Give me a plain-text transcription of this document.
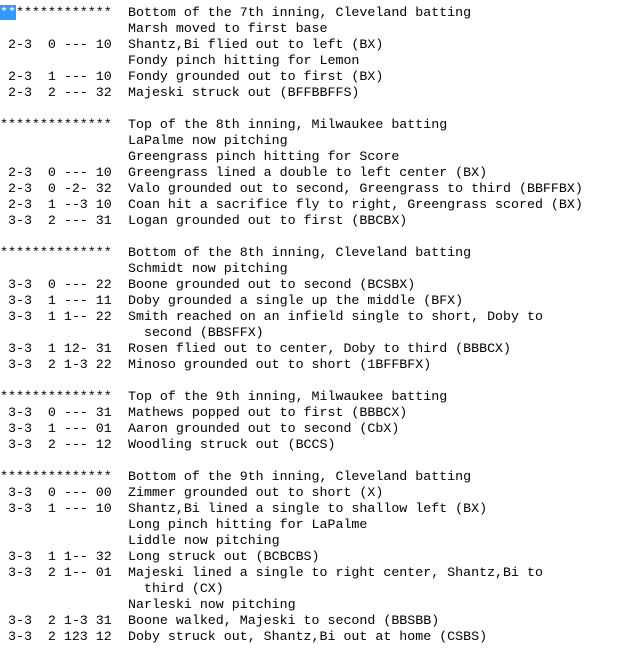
**************	Bottom of the 7th inning, Cleveland batting
Marsh moved to first base
2-3  0 --- 10	Shantz,Bi flied out to left (BX)
Fondy pinch hitting for Lemon
2-3  1 --- 10	Fondy grounded out to first (BX)
2-3  2 --- 32	Majeski struck out (BFFBBFFS)
**************	Top of the 8th inning, Milwaukee batting
LaPalme now pitching
Greengrass pinch hitting for Score
2-3  0 --- 10	Greengrass lined a double to left center (BX)
2-3  0 -2- 32	Valo grounded out to second, Greengrass to third (BBFFBX)
2-3  1 --3 10	Coan hit a sacrifice fly to right, Greengrass scored (BX)
3-3  2 --- 31	Logan grounded out to first (BBCBX)
**************	Bottom of the 8th inning, Cleveland batting
Schmidt now pitching
3-3  0 --- 22	Boone grounded out to second (BCSBX)
3-3  1 --- 11	Doby grounded a single up the middle (BFX)
3-3  1 1-- 22	Smith reached on an infield single to short, Doby to
second (BBSFFX)
3-3  1 12- 31	Rosen flied out to center, Doby to third (BBBCX)
3-3  2 1-3 22	Minoso grounded out to short (1BFFBFX)
**************	Top of the 9th inning, Milwaukee batting
3-3  0 --- 31	Mathews popped out to first (BBBCX)
3-3  1 --- 01	Aaron grounded out to second (CbX)
3-3  2 --- 12	Woodling struck out (BCCS)
**************	Bottom of the 9th inning, Cleveland batting
3-3  0 --- 00	Zimmer grounded out to short (X)
3-3  1 --- 10	Shantz,Bi lined a single to shallow left (BX)
Long pinch hitting for LaPalme
Liddle now pitching
3-3  1 1-- 32	Long struck out (BCBCBS)
3-3  2 1-- 01	Majeski lined a single to right center, Shantz,Bi to
third (CX)
Narleski now pitching
3-3  2 1-3 31	Boone walked, Majeski to second (BBSBB)
3-3  2 123 12	Doby struck out, Shantz,Bi out at home (CSBS)
